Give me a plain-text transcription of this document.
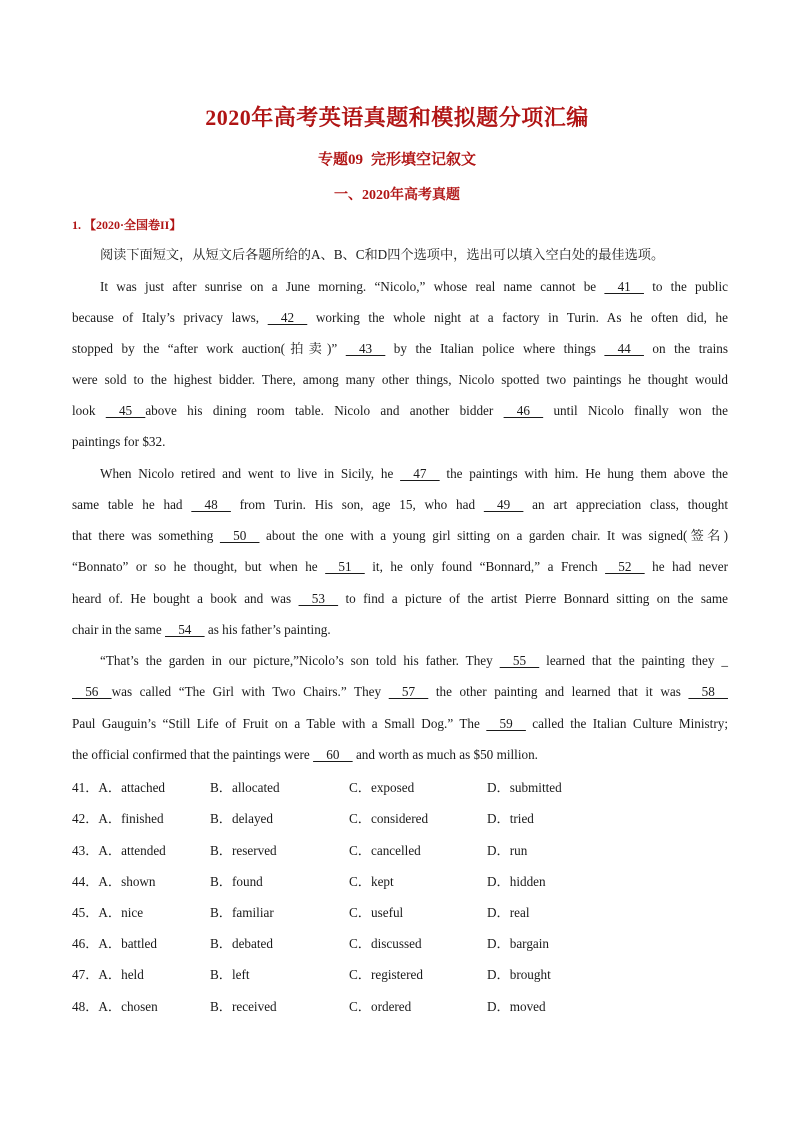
2020年高考英语真题和模拟题分项汇编
专题09 完形填空记叙文
一、2020年高考真题
1. 【2020·全国卷II】
阅读下面短文，从短文后各题所给的A、B、C和D四个选项中，选出可以填入空白处的最佳选项。
It was just after sunrise on a June morning. “Nicolo,” whose real name cannot be     41     to the public
because of Italy’s privacy laws,     42     working the whole night at a factory in Turin. As he often did, he
stopped by the “after work auction(拍卖)”     43     by the Italian police where things     44     on the trains
were sold to the highest bidder. There, among many other things, Nicolo spotted two paintings he thought would
look     45    above his dining room table. Nicolo and another bidder     46     until Nicolo finally won the
paintings for $32.
When Nicolo retired and went to live in Sicily, he     47     the paintings with him. He hung them above the
same table he had     48     from Turin. His son, age 15, who had     49     an art appreciation class, thought
that there was something     50     about the one with a young girl sitting on a garden chair. It was signed(签名)
“Bonnato” or so he thought, but when he     51     it, he only found “Bonnard,” a French     52     he had never
heard of. He bought a book and was     53     to find a picture of the artist Pierre Bonnard sitting on the same
chair in the same     54     as his father’s painting.
“That’s the garden in our picture,”Nicolo’s son told his father. They     55     learned that the painting they _
56    was called “The Girl with Two Chairs.” They     57     the other painting and learned that it was     58
Paul Gauguin’s “Still Life of Fruit on a Table with a Small Dog.” The     59     called the Italian Culture Ministry;
the official confirmed that the paintings were     60     and worth as much as $50 million.
41．A．attached	B．allocated	C．exposed	D．submitted
42．A．finished	B．delayed	C．considered	D．tried
43．A．attended	B．reserved	C．cancelled	D．run
44．A．shown	B．found	C．kept	D．hidden
45．A．nice	B．familiar	C．useful	D．real
46．A．battled	B．debated	C．discussed	D．bargain
47．A．held	B．left	C．registered	D．brought
48．A．chosen	B．received	C．ordered	D．moved
